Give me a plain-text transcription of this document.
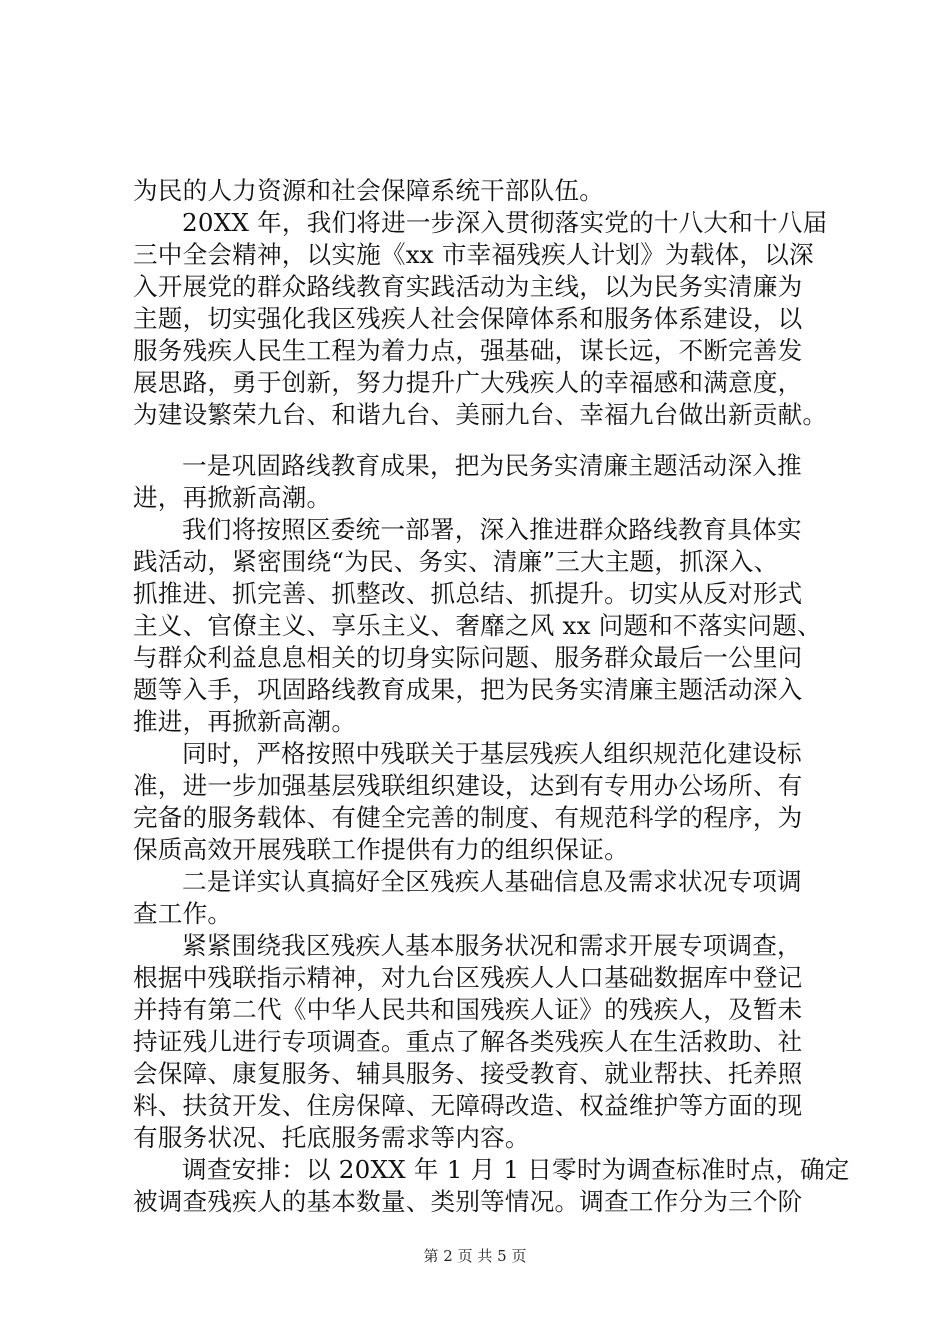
为民的人力资源和社会保障系统干部队伍。
20XX 年，我们将进一步深入贯彻落实党的十八大和十八届
三中全会精神，以实施《xx 市幸福残疾人计划》为载体，以深
入开展党的群众路线教育实践活动为主线，以为民务实清廉为
主题，切实强化我区残疾人社会保障体系和服务体系建设，以
服务残疾人民生工程为着力点，强基础，谋长远，不断完善发
展思路，勇于创新，努力提升广大残疾人的幸福感和满意度，
为建设繁荣九台、和谐九台、美丽九台、幸福九台做出新贡献。
一是巩固路线教育成果，把为民务实清廉主题活动深入推
进，再掀新高潮。
我们将按照区委统一部署，深入推进群众路线教育具体实
践活动，紧密围绕“为民、务实、清廉”三大主题，抓深入、
抓推进、抓完善、抓整改、抓总结、抓提升。切实从反对形式
主义、官僚主义、享乐主义、奢靡之风 xx 问题和不落实问题、
与群众利益息息相关的切身实际问题、服务群众最后一公里问
题等入手，巩固路线教育成果，把为民务实清廉主题活动深入
推进，再掀新高潮。
同时，严格按照中残联关于基层残疾人组织规范化建设标
准，进一步加强基层残联组织建设，达到有专用办公场所、有
完备的服务载体、有健全完善的制度、有规范科学的程序，为
保质高效开展残联工作提供有力的组织保证。
二是详实认真搞好全区残疾人基础信息及需求状况专项调
查工作。
紧紧围绕我区残疾人基本服务状况和需求开展专项调查，
根据中残联指示精神，对九台区残疾人人口基础数据库中登记
并持有第二代《中华人民共和国残疾人证》的残疾人，及暂未
持证残儿进行专项调查。重点了解各类残疾人在生活救助、社
会保障、康复服务、辅具服务、接受教育、就业帮扶、托养照
料、扶贫开发、住房保障、无障碍改造、权益维护等方面的现
有服务状况、托底服务需求等内容。
调查安排：以 20XX 年 1 月 1 日零时为调查标准时点，确定
被调查残疾人的基本数量、类别等情况。调查工作分为三个阶
第 2 页 共 5 页
